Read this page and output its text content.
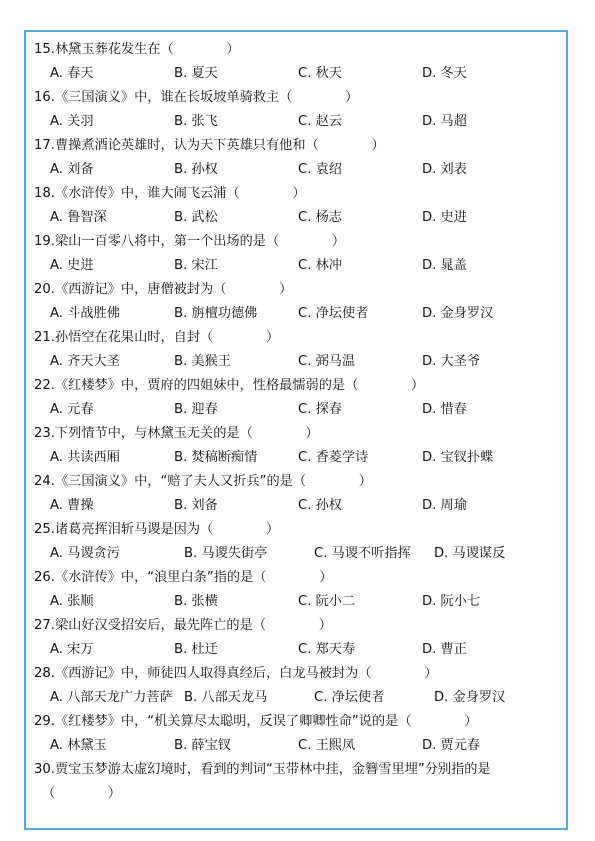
15.林黛玉葬花发生在（　　　　）
A. 春天	B. 夏天	C. 秋天	D. 冬天
16.《三国演义》中，谁在长坂坡单骑救主（　　　　）
A. 关羽	B. 张飞	C. 赵云	D. 马超
17.曹操煮酒论英雄时，认为天下英雄只有他和（　　　　）
A. 刘备	B. 孙权	C. 袁绍	D. 刘表
18.《水浒传》中，谁大闹飞云浦（　　　　）
A. 鲁智深	B. 武松	C. 杨志	D. 史进
19.梁山一百零八将中，第一个出场的是（　　　　）
A. 史进	B. 宋江	C. 林冲	D. 晁盖
20.《西游记》中，唐僧被封为（　　　　）
A. 斗战胜佛	B. 旃檀功德佛	C. 净坛使者	D. 金身罗汉
21.孙悟空在花果山时，自封（　　　　）
A. 齐天大圣	B. 美猴王	C. 弼马温	D. 大圣爷
22.《红楼梦》中，贾府的四姐妹中，性格最懦弱的是（　　　　）
A. 元春	B. 迎春	C. 探春	D. 惜春
23.下列情节中，与林黛玉无关的是（　　　　）
A. 共读西厢	B. 焚稿断痴情	C. 香菱学诗	D. 宝钗扑蝶
24.《三国演义》中，“赔了夫人又折兵”的是（　　　　）
A. 曹操	B. 刘备	C. 孙权	D. 周瑜
25.诸葛亮挥泪斩马谡是因为（　　　　）
A. 马谡贪污	B. 马谡失街亭	C. 马谡不听指挥 D. 马谡谋反
26.《水浒传》中，“浪里白条”指的是（　　　　）
A. 张顺	B. 张横	C. 阮小二	D. 阮小七
27.梁山好汉受招安后，最先阵亡的是（　　　　）
A. 宋万	B. 杜迁	C. 郑天寿	D. 曹正
28.《西游记》中，师徒四人取得真经后，白龙马被封为（　　　　）
A. 八部天龙广力菩萨 B. 八部天龙马	C. 净坛使者	D. 金身罗汉
29.《红楼梦》中，“机关算尽太聪明，反误了卿卿性命”说的是（　　　　）
A. 林黛玉	B. 薛宝钗	C. 王熙凤	D. 贾元春
30.贾宝玉梦游太虚幻境时，看到的判词“玉带林中挂，金簪雪里埋”分别指的是
（　　　　）
